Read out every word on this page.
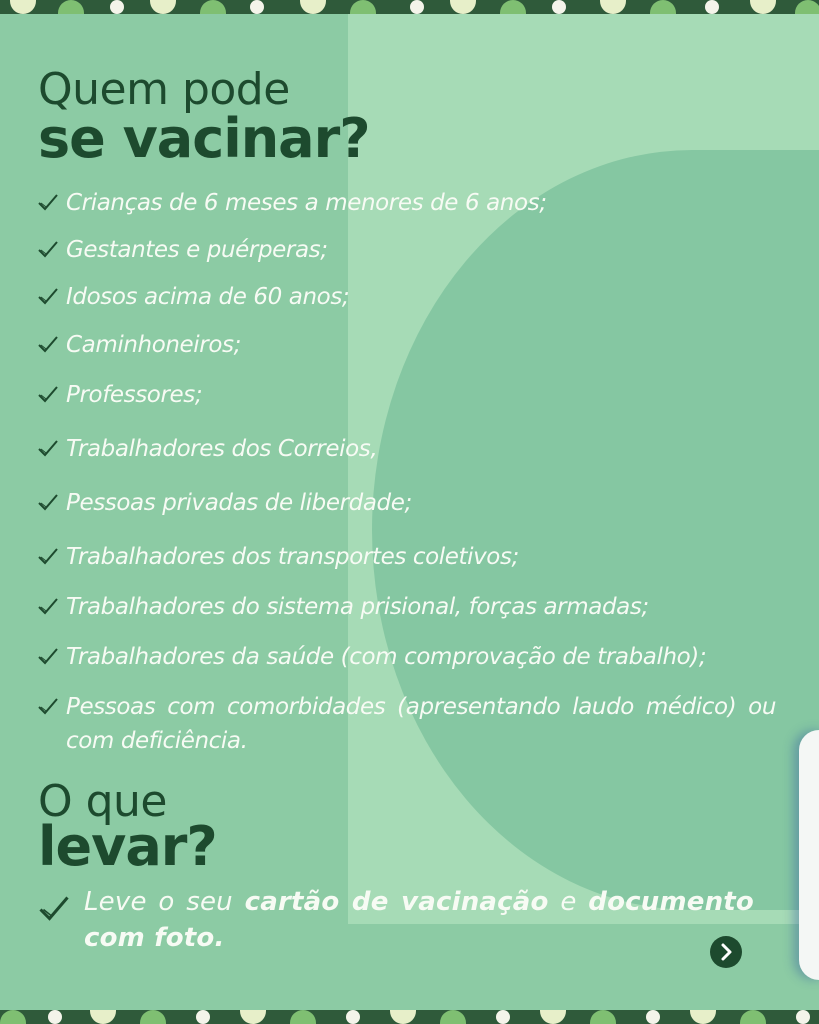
Quem pode
se vacinar?
Crianças de 6 meses a menores de 6 anos;
Gestantes e puérperas;
Idosos acima de 60 anos;
Caminhoneiros;
Professores;
Trabalhadores dos Correios,
Pessoas privadas de liberdade;
Trabalhadores dos transportes coletivos;
Trabalhadores do sistema prisional, forças armadas;
Trabalhadores da saúde (com comprovação de trabalho);
Pessoas com comorbidades (apresentando laudo médico) ou com deficiência.
O que
levar?
Leve o seu cartão de vacinação e documento com foto.
